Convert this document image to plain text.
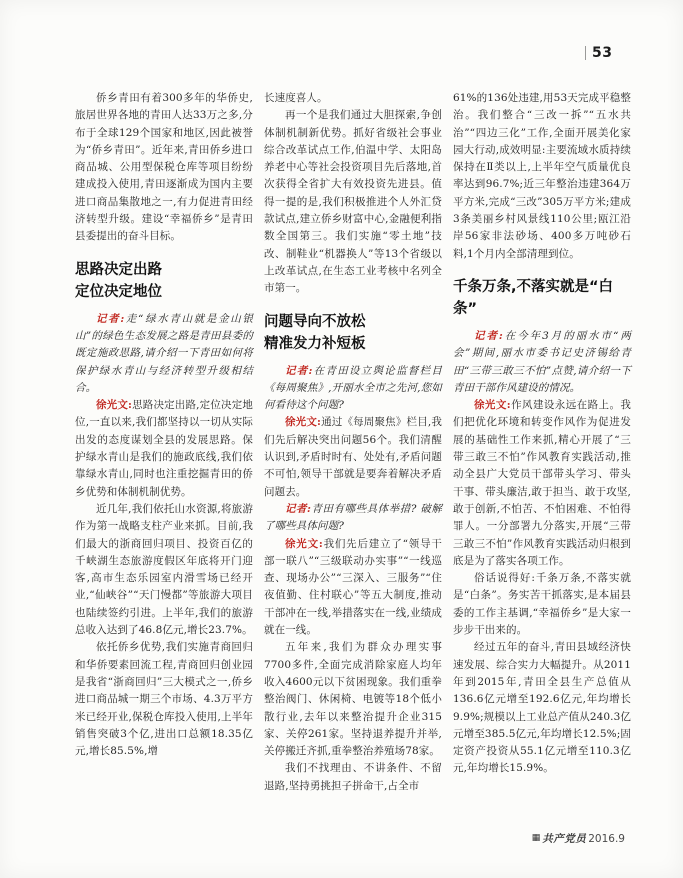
53

侨乡青田有着300多年的华侨史,旅居世界各地的青田人达33万之多,分布于全球129个国家和地区,因此被誉为“侨乡青田”。近年来,青田侨乡进口商品城、公用型保税仓库等项目纷纷建成投入使用,青田逐渐成为国内主要进口商品集散地之一,有力促进青田经济转型升级。建设“幸福侨乡”是青田县委提出的奋斗目标。

思路决定出路
定位决定地位

记者:走“绿水青山就是金山银山”的绿色生态发展之路是青田县委的既定施政思路,请介绍一下青田如何将保护绿水青山与经济转型升级相结合。

徐光文:思路决定出路,定位决定地位,一直以来,我们都坚持以一切从实际出发的态度谋划全县的发展思路。保护绿水青山是我们的施政底线,我们依靠绿水青山,同时也注重挖掘青田的侨乡优势和体制机制优势。

近几年,我们依托山水资源,将旅游作为第一战略支柱产业来抓。目前,我们最大的浙商回归项目、投资百亿的千峡湖生态旅游度假区年底将开门迎客,高市生态乐园室内滑雪场已经开业,“仙峡谷”“天门慢都”等旅游大项目也陆续签约引进。上半年,我们的旅游总收入达到了46.8亿元,增长23.7%。

依托侨乡优势,我们实施青商回归和华侨要素回流工程,青商回归创业园是我省“浙商回归”三大模式之一,侨乡进口商品城一期三个市场、4.3万平方米已经开业,保税仓库投入使用,上半年销售突破3个亿,进出口总额18.35亿元,增长85.5%,增

长速度喜人。

再一个是我们通过大胆探索,争创体制机制新优势。抓好省级社会事业综合改革试点工作,伯温中学、太阳岛养老中心等社会投资项目先后落地,首次获得全省扩大有效投资先进县。值得一提的是,我们积极推进个人外汇贷款试点,建立侨乡财富中心,金融便利指数全国第三。我们实施“零土地”技改、制鞋业“机器换人”等13个省级以上改革试点,在生态工业考核中名列全市第一。

问题导向不放松
精准发力补短板

记者:在青田设立舆论监督栏目《每周聚焦》,开丽水全市之先河,您如何看待这个问题?

徐光文:通过《每周聚焦》栏目,我们先后解决突出问题56个。我们清醒认识到,矛盾时时有、处处有,矛盾问题不可怕,领导干部就是要奔着解决矛盾问题去。

记者:青田有哪些具体举措? 破解了哪些具体问题?

徐光文:我们先后建立了“领导干部一联八”“三级联动办实事”“一线巡查、现场办公”“三深入、三服务”“住夜值勤、住村联心”等五大制度,推动干部冲在一线,举措落实在一线,业绩成就在一线。

五年来,我们为群众办理实事7700多件,全面完成消除家庭人均年收入4600元以下贫困现象。我们重拳整治阀门、休闲椅、电镀等18个低小散行业,去年以来整治提升企业315家、关停261家。坚持退养提升并举,关停搬迁齐抓,重拳整治养殖场78家。

我们不找理由、不讲条件、不留退路,坚持勇挑担子拼命干,占全市

61%的136处违建,用53天完成平稳整治。我们整合“三改一拆”“五水共治”“四边三化”工作,全面开展美化家园大行动,成效明显:主要流域水质持续保持在Ⅱ类以上,上半年空气质量优良率达到96.7%;近三年整治违建364万平方米,完成“三改”305万平方米;建成3条美丽乡村风景线110公里;瓯江沿岸56家非法砂场、400多万吨砂石料,1个月内全部清理到位。

千条万条,不落实就是“白条”

记者:在今年3月的丽水市“两会”期间,丽水市委书记史济锡给青田“三带三敢三不怕”点赞,请介绍一下青田干部作风建设的情况。

徐光文:作风建设永远在路上。我们把优化环境和转变作风作为促进发展的基础性工作来抓,精心开展了“三带三敢三不怕”作风教育实践活动,推动全县广大党员干部带头学习、带头干事、带头廉洁,敢于担当、敢于攻坚,敢于创新,不怕苦、不怕困难、不怕得罪人。一分部署九分落实,开展“三带三敢三不怕”作风教育实践活动归根到底是为了落实各项工作。

俗话说得好:千条万条,不落实就是“白条”。务实苦干抓落实,是本届县委的工作主基调,“幸福侨乡”是大家一步步干出来的。

经过五年的奋斗,青田县域经济快速发展、综合实力大幅提升。从2011年到2015年,青田全县生产总值从136.6亿元增至192.6亿元,年均增长9.9%;规模以上工业总产值从240.3亿元增至385.5亿元,年均增长12.5%;固定资产投资从55.1亿元增至110.3亿元,年均增长15.9%。

▦ 共产党员 2016.9
